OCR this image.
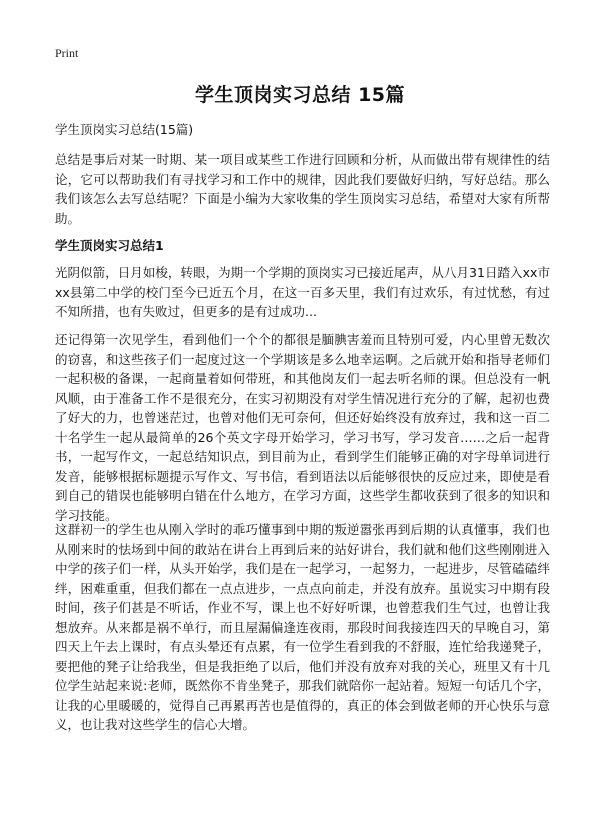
Print
学生顶岗实习总结 15篇
学生顶岗实习总结(15篇)
总结是事后对某一时期、某一项目或某些工作进行回顾和分析，从而做出带有规律性的结论，它可以帮助我们有寻找学习和工作中的规律，因此我们要做好归纳，写好总结。那么我们该怎么去写总结呢？下面是小编为大家收集的学生顶岗实习总结，希望对大家有所帮助。
学生顶岗实习总结1
光阴似箭，日月如梭，转眼，为期一个学期的顶岗实习已接近尾声，从八月31日踏入xx市xx县第二中学的校门至今已近五个月，在这一百多天里，我们有过欢乐，有过忧愁，有过不知所措，也有失败过，但更多的是有过成功...
还记得第一次见学生，看到他们一个个的都很是腼腆害羞而且特别可爱，内心里曾无数次的窃喜，和这些孩子们一起度过这一个学期该是多么地幸运啊。之后就开始和指导老师们一起积极的备课，一起商量着如何带班，和其他岗友们一起去听名师的课。但总没有一帆风顺，由于准备工作不是很充分，在实习初期没有对学生情况进行充分的了解，起初也费了好大的力，也曾迷茫过，也曾对他们无可奈何，但还好始终没有放弃过，我和这一百二十名学生一起从最简单的26个英文字母开始学习，学习书写，学习发音……之后一起背书，一起写作文，一起总结知识点，到目前为止，看到学生们能够正确的对字母单词进行发音，能够根据标题提示写作文、写书信，看到语法以后能够很快的反应过来，即使是看到自己的错误也能够明白错在什么地方，在学习方面，这些学生都收获到了很多的知识和学习技能。
这群初一的学生也从刚入学时的乖巧懂事到中期的叛逆嚣张再到后期的认真懂事，我们也从刚来时的怯场到中间的敢站在讲台上再到后来的站好讲台，我们就和他们这些刚刚进入中学的孩子们一样，从头开始学，我们是在一起学习，一起努力，一起进步，尽管磕磕绊绊，困难重重，但我们都在一点点进步，一点点向前走，并没有放弃。虽说实习中期有段时间，孩子们甚是不听话，作业不写，课上也不好好听课，也曾惹我们生气过，也曾让我想放弃。从来都是祸不单行，而且屋漏偏逢连夜雨，那段时间我接连四天的早晚自习，第四天上午去上课时，有点头晕还有点累，有一位学生看到我的不舒服，连忙给我递凳子，要把他的凳子让给我坐，但是我拒绝了以后，他们并没有放弃对我的关心，班里又有十几位学生站起来说:老师，既然你不肯坐凳子，那我们就陪你一起站着。短短一句话几个字，让我的心里暖暖的，觉得自己再累再苦也是值得的，真正的体会到做老师的开心快乐与意义，也让我对这些学生的信心大增。
